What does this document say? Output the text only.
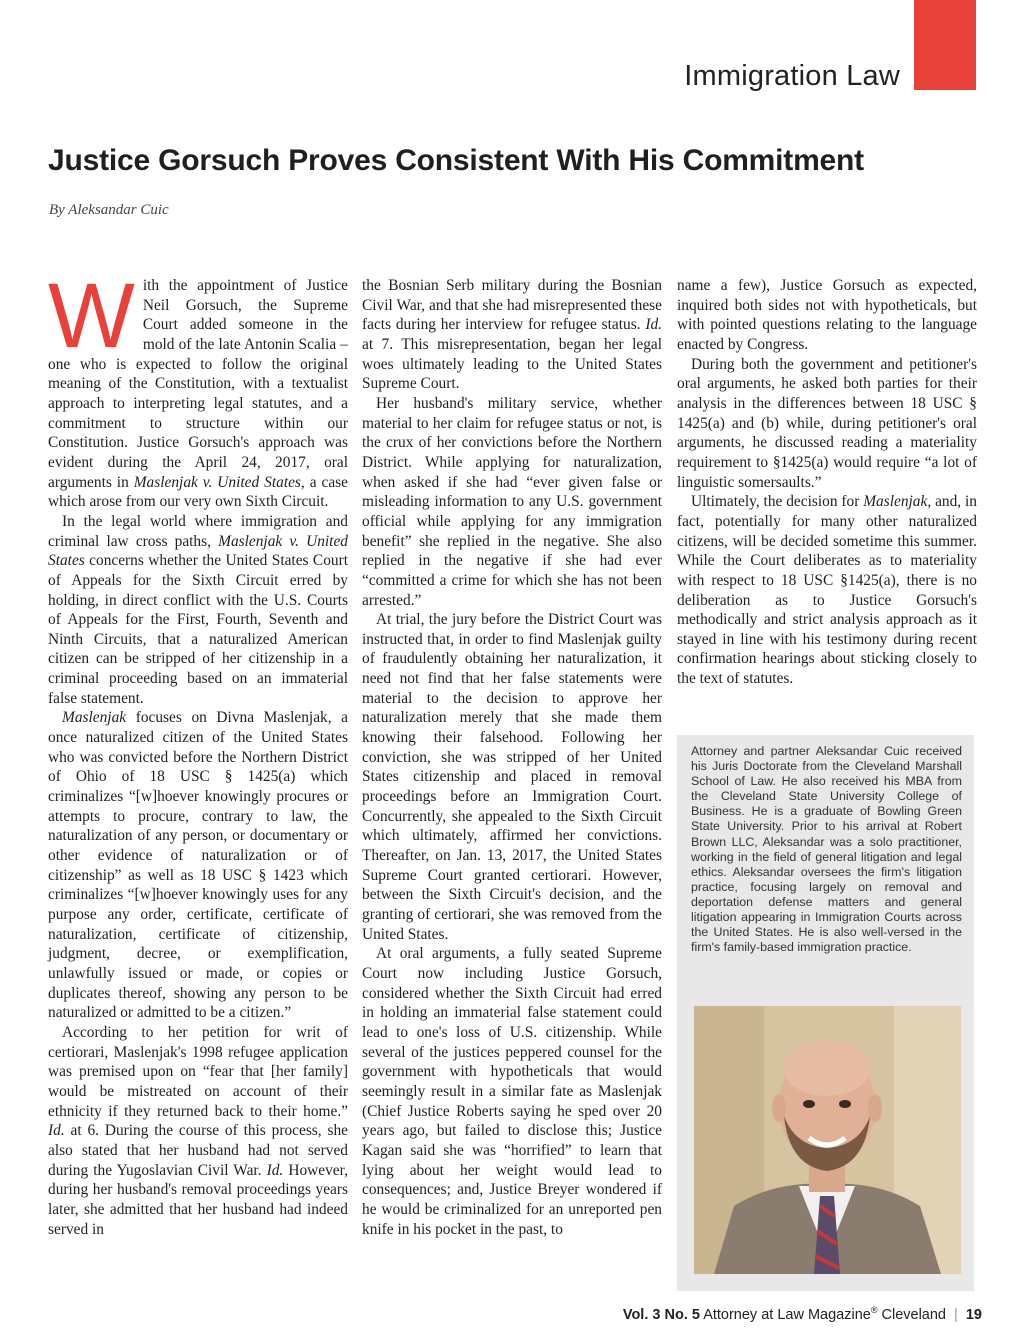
Immigration Law
Justice Gorsuch Proves Consistent With His Commitment
By Aleksandar Cuic

With the appointment of Justice Neil Gorsuch, the Supreme Court added someone in the mold of the late Antonin Scalia – one who is expected to follow the original meaning of the Constitution, with a textualist approach to interpreting legal statutes, and a commitment to structure within our Constitution. Justice Gorsuch's approach was evident during the April 24, 2017, oral arguments in Maslenjak v. United States, a case which arose from our very own Sixth Circuit.

In the legal world where immigration and criminal law cross paths, Maslenjak v. United States concerns whether the United States Court of Appeals for the Sixth Circuit erred by holding, in direct conflict with the U.S. Courts of Appeals for the First, Fourth, Seventh and Ninth Circuits, that a naturalized American citizen can be stripped of her citizenship in a criminal proceeding based on an immaterial false statement.

Maslenjak focuses on Divna Maslenjak, a once naturalized citizen of the United States who was convicted before the Northern District of Ohio of 18 USC § 1425(a) which criminalizes “[w]hoever knowingly procures or attempts to procure, contrary to law, the naturalization of any person, or documentary or other evidence of naturalization or of citizenship” as well as 18 USC § 1423 which criminalizes “[w]hoever knowingly uses for any purpose any order, certificate, certificate of naturalization, certificate of citizenship, judgment, decree, or exemplification, unlawfully issued or made, or copies or duplicates thereof, showing any person to be naturalized or admitted to be a citizen.”

According to her petition for writ of certiorari, Maslenjak's 1998 refugee application was premised upon on “fear that [her family] would be mistreated on account of their ethnicity if they returned back to their home.” Id. at 6. During the course of this process, she also stated that her husband had not served during the Yugoslavian Civil War. Id. However, during her husband's removal proceedings years later, she admitted that her husband had indeed served in

the Bosnian Serb military during the Bosnian Civil War, and that she had misrepresented these facts during her interview for refugee status. Id. at 7. This misrepresentation, began her legal woes ultimately leading to the United States Supreme Court.

Her husband's military service, whether material to her claim for refugee status or not, is the crux of her convictions before the Northern District. While applying for naturalization, when asked if she had “ever given false or misleading information to any U.S. government official while applying for any immigration benefit” she replied in the negative. She also replied in the negative if she had ever “committed a crime for which she has not been arrested.”

At trial, the jury before the District Court was instructed that, in order to find Maslenjak guilty of fraudulently obtaining her naturalization, it need not find that her false statements were material to the decision to approve her naturalization merely that she made them knowing their falsehood. Following her conviction, she was stripped of her United States citizenship and placed in removal proceedings before an Immigration Court. Concurrently, she appealed to the Sixth Circuit which ultimately, affirmed her convictions. Thereafter, on Jan. 13, 2017, the United States Supreme Court granted certiorari. However, between the Sixth Circuit's decision, and the granting of certiorari, she was removed from the United States.

At oral arguments, a fully seated Supreme Court now including Justice Gorsuch, considered whether the Sixth Circuit had erred in holding an immaterial false statement could lead to one's loss of U.S. citizenship. While several of the justices peppered counsel for the government with hypotheticals that would seemingly result in a similar fate as Maslenjak (Chief Justice Roberts saying he sped over 20 years ago, but failed to disclose this; Justice Kagan said she was “horrified” to learn that lying about her weight would lead to consequences; and, Justice Breyer wondered if he would be criminalized for an unreported pen knife in his pocket in the past, to

name a few), Justice Gorsuch as expected, inquired both sides not with hypotheticals, but with pointed questions relating to the language enacted by Congress.

During both the government and petitioner's oral arguments, he asked both parties for their analysis in the differences between 18 USC § 1425(a) and (b) while, during petitioner's oral arguments, he discussed reading a materiality requirement to §1425(a) would require “a lot of linguistic somersaults.”

Ultimately, the decision for Maslenjak, and, in fact, potentially for many other naturalized citizens, will be decided sometime this summer. While the Court deliberates as to materiality with respect to 18 USC §1425(a), there is no deliberation as to Justice Gorsuch's methodically and strict analysis approach as it stayed in line with his testimony during recent confirmation hearings about sticking closely to the text of statutes.

Attorney and partner Aleksandar Cuic received his Juris Doctorate from the Cleveland Marshall School of Law. He also received his MBA from the Cleveland State University College of Business. He is a graduate of Bowling Green State University. Prior to his arrival at Robert Brown LLC, Aleksandar was a solo practitioner, working in the field of general litigation and legal ethics. Aleksandar oversees the firm's litigation practice, focusing largely on removal and deportation defense matters and general litigation appearing in Immigration Courts across the United States. He is also well-versed in the firm's family-based immigration practice.
Vol. 3 No. 5 Attorney at Law Magazine® Cleveland | 19
